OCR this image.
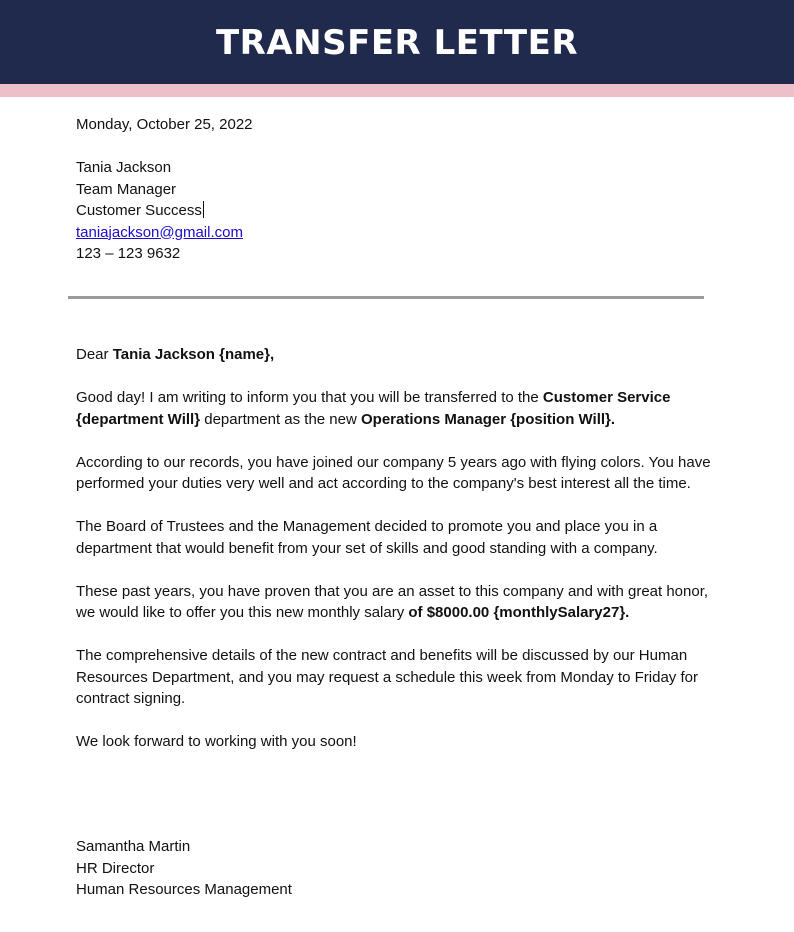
TRANSFER LETTER
Monday, October 25, 2022
Tania Jackson
Team Manager
Customer Success
taniajackson@gmail.com
123 – 123 9632

Dear Tania Jackson {name},

Good day! I am writing to inform you that you will be transferred to the Customer Service {department Will} department as the new Operations Manager {position Will}.

According to our records, you have joined our company 5 years ago with flying colors. You have performed your duties very well and act according to the company's best interest all the time.

The Board of Trustees and the Management decided to promote you and place you in a department that would benefit from your set of skills and good standing with a company.

These past years, you have proven that you are an asset to this company and with great honor, we would like to offer you this new monthly salary of $8000.00 {monthlySalary27}.

The comprehensive details of the new contract and benefits will be discussed by our Human Resources Department, and you may request a schedule this week from Monday to Friday for contract signing.

We look forward to working with you soon!

Samantha Martin
HR Director
Human Resources Management
